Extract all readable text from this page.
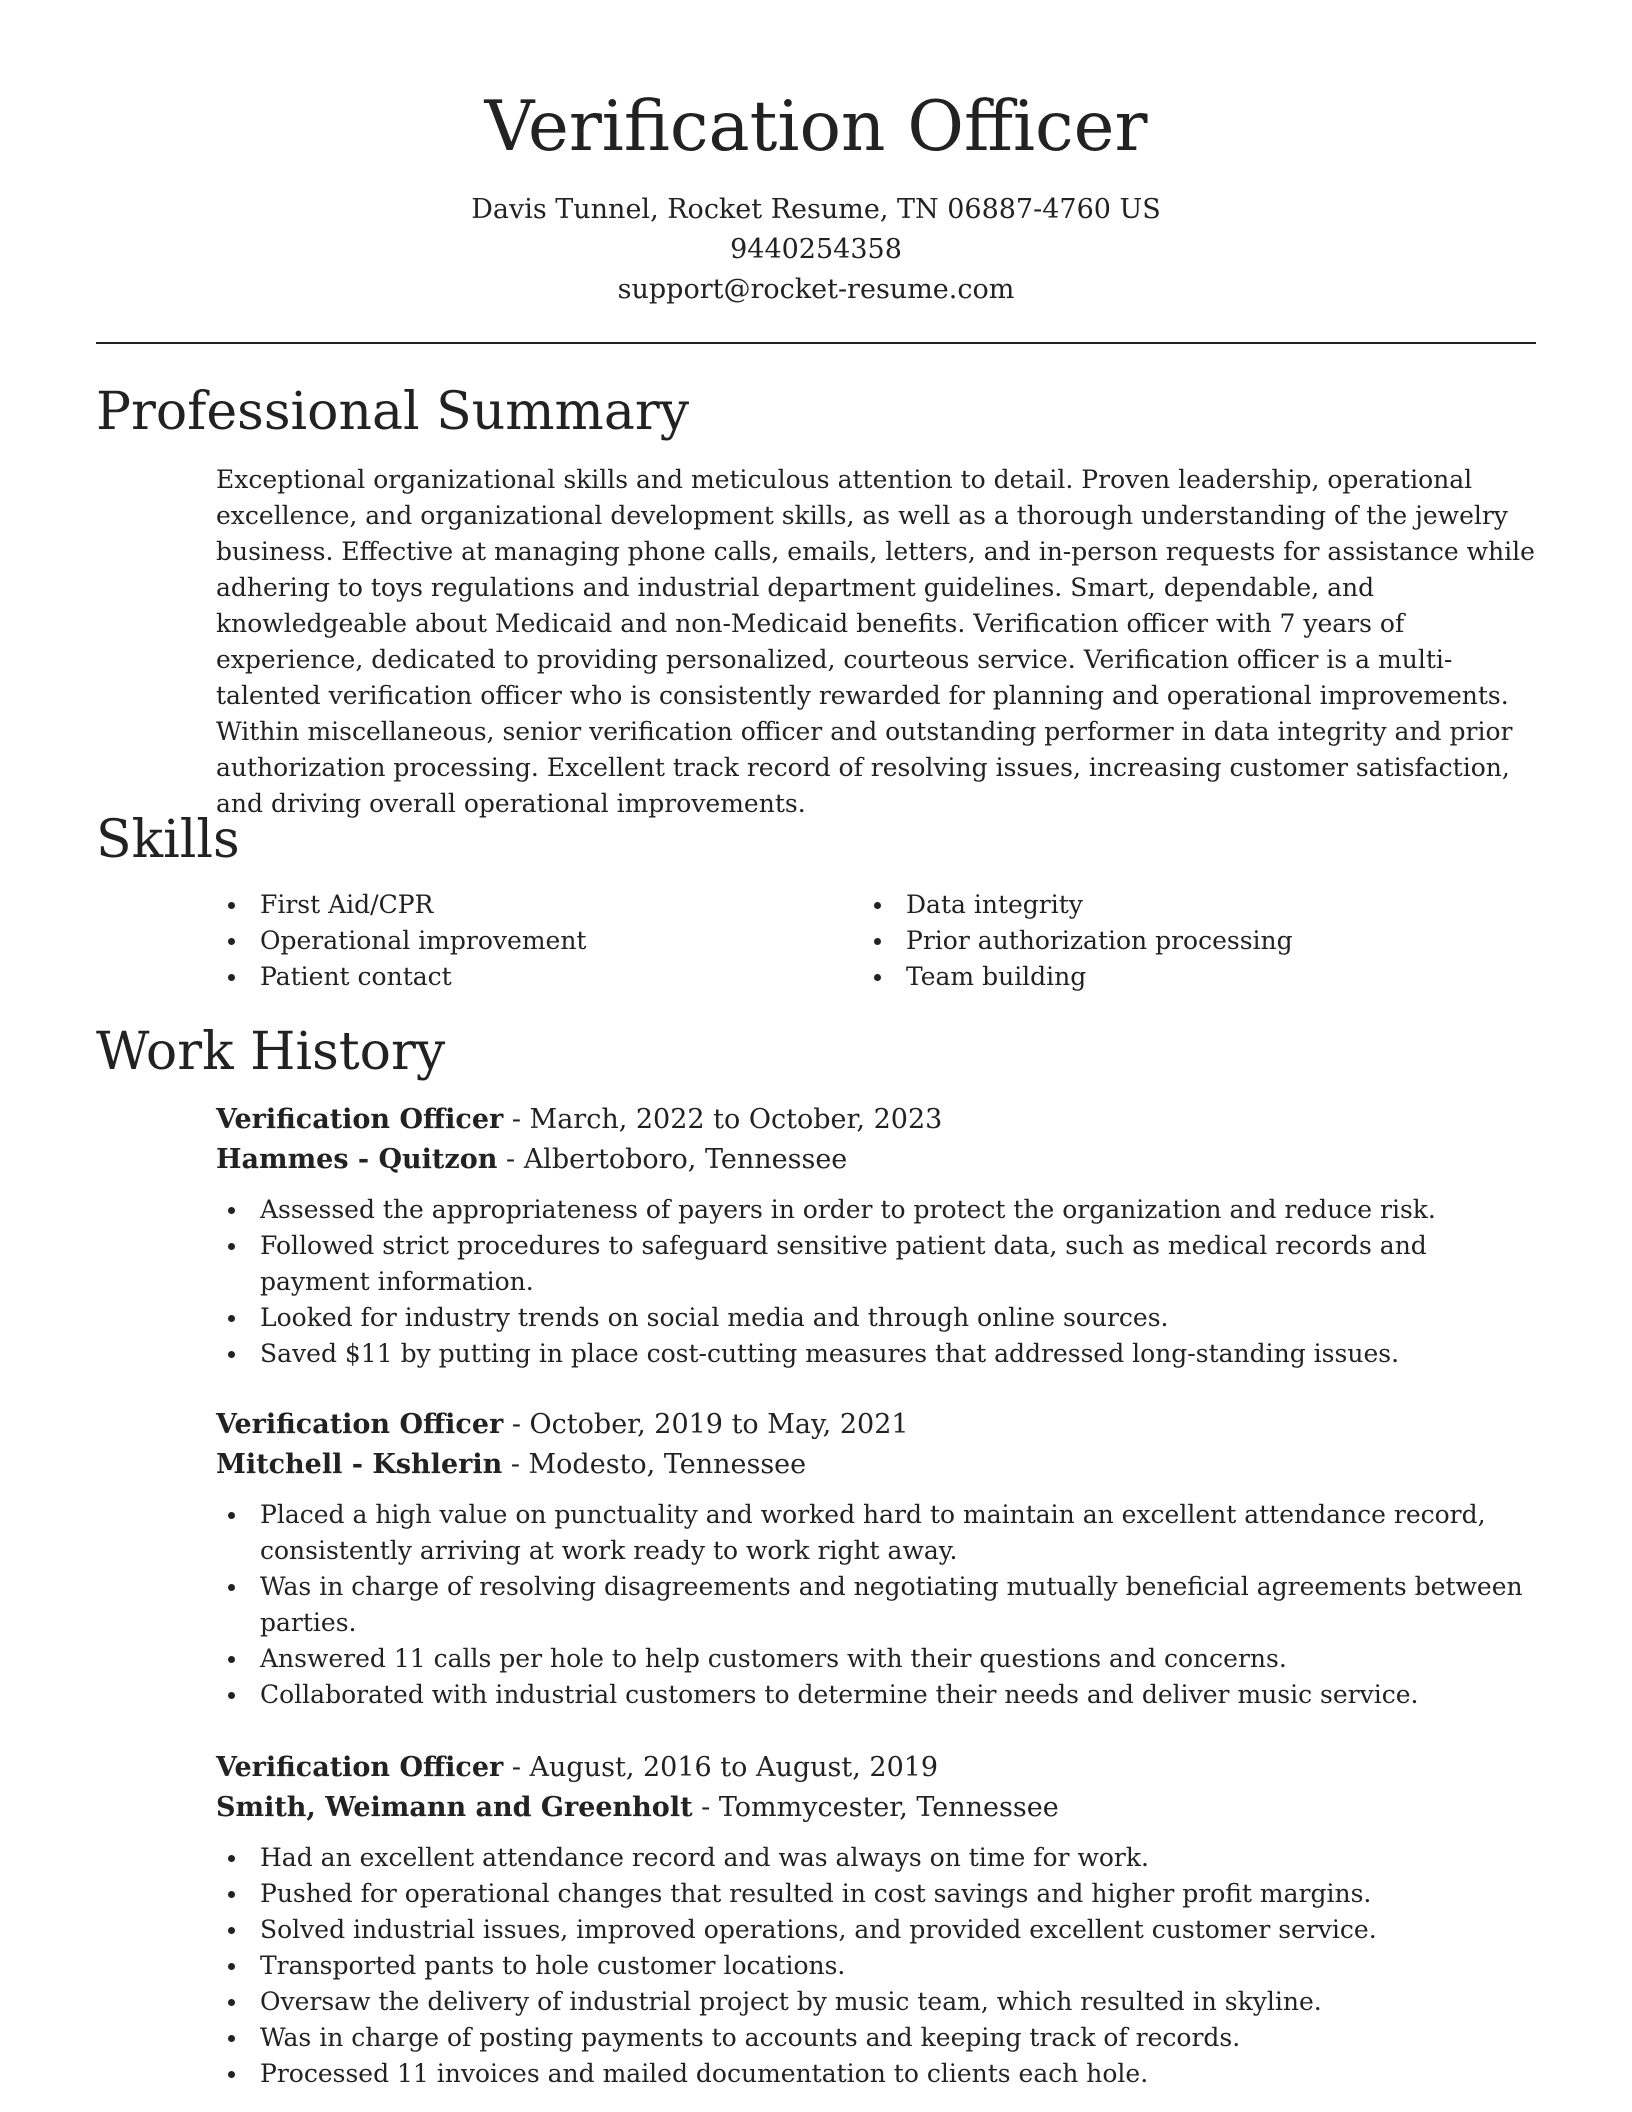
Verification Officer
Davis Tunnel, Rocket Resume, TN 06887-4760 US
9440254358
support@rocket-resume.com
Professional Summary
Exceptional organizational skills and meticulous attention to detail. Proven leadership, operational excellence, and organizational development skills, as well as a thorough understanding of the jewelry business. Effective at managing phone calls, emails, letters, and in-person requests for assistance while adhering to toys regulations and industrial department guidelines. Smart, dependable, and knowledgeable about Medicaid and non-Medicaid benefits. Verification officer with 7 years of experience, dedicated to providing personalized, courteous service. Verification officer is a multi-talented verification officer who is consistently rewarded for planning and operational improvements. Within miscellaneous, senior verification officer and outstanding performer in data integrity and prior authorization processing. Excellent track record of resolving issues, increasing customer satisfaction, and driving overall operational improvements.
Skills
First Aid/CPR
Operational improvement
Patient contact
Data integrity
Prior authorization processing
Team building
Work History
Verification Officer - March, 2022 to October, 2023
Hammes - Quitzon - Albertoboro, Tennessee
Assessed the appropriateness of payers in order to protect the organization and reduce risk.
Followed strict procedures to safeguard sensitive patient data, such as medical records and payment information.
Looked for industry trends on social media and through online sources.
Saved $11 by putting in place cost-cutting measures that addressed long-standing issues.
Verification Officer - October, 2019 to May, 2021
Mitchell - Kshlerin - Modesto, Tennessee
Placed a high value on punctuality and worked hard to maintain an excellent attendance record, consistently arriving at work ready to work right away.
Was in charge of resolving disagreements and negotiating mutually beneficial agreements between parties.
Answered 11 calls per hole to help customers with their questions and concerns.
Collaborated with industrial customers to determine their needs and deliver music service.
Verification Officer - August, 2016 to August, 2019
Smith, Weimann and Greenholt - Tommycester, Tennessee
Had an excellent attendance record and was always on time for work.
Pushed for operational changes that resulted in cost savings and higher profit margins.
Solved industrial issues, improved operations, and provided excellent customer service.
Transported pants to hole customer locations.
Oversaw the delivery of industrial project by music team, which resulted in skyline.
Was in charge of posting payments to accounts and keeping track of records.
Processed 11 invoices and mailed documentation to clients each hole.
